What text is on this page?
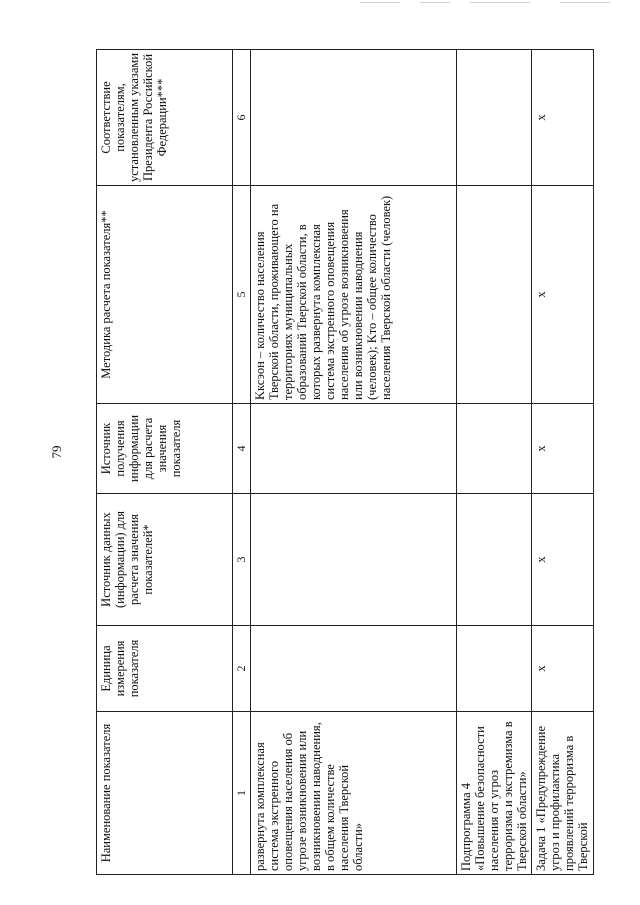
79
Наименование показателя	Единица измерения показателя	Источник данных (информации) для расчета значения показателей*	Источник получения информации для расчета значения показателя	Методика расчета показателя**	Соответствие показателям, установленным указами Президента Российской Федерации***
1	2	3	4	5	6
развернута комплексная система экстренного оповещения населения об угрозе возникновения или возникновении наводнения, в общем количестве населения Тверской области»				Kксэон – количество населения Тверской области, проживающего на территориях муниципальных образований Тверской области, в которых развернута комплексная система экстренного оповещения населения об угрозе возникновения или возникновении наводнения (человек); Kто – общее количество населения Тверской области (человек)	
Подпрограмма 4 «Повышение безопасности населения от угроз терроризма и экстремизма в Тверской области»					
Задача 1 «Предупреждение угроз и профилактика проявлений терроризма в Тверской	х	х	х	х	х
